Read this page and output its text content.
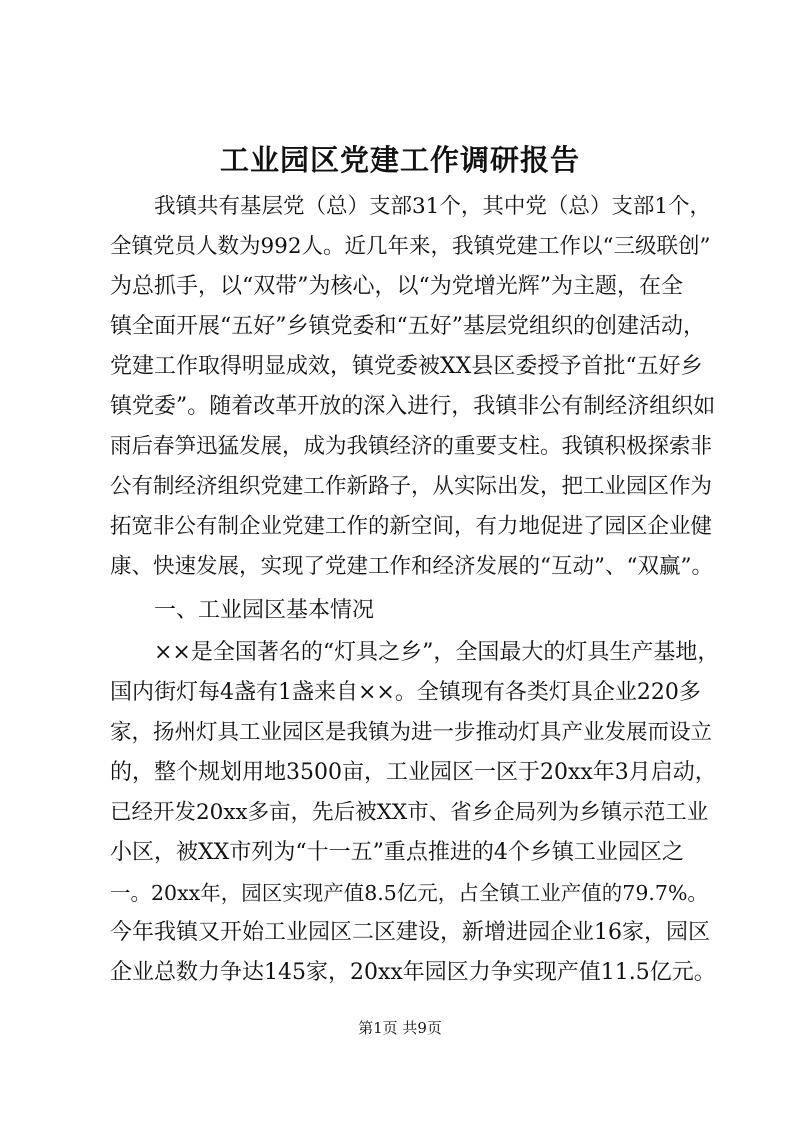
工业园区党建工作调研报告

我镇共有基层党（总）支部31个，其中党（总）支部1个，

全镇党员人数为992人。近几年来，我镇党建工作以“三级联创”

为总抓手，以“双带”为核心，以“为党增光辉”为主题，在全

镇全面开展“五好”乡镇党委和“五好”基层党组织的创建活动，

党建工作取得明显成效，镇党委被XX县区委授予首批“五好乡

镇党委”。随着改革开放的深入进行，我镇非公有制经济组织如

雨后春笋迅猛发展，成为我镇经济的重要支柱。我镇积极探索非

公有制经济组织党建工作新路子，从实际出发，把工业园区作为

拓宽非公有制企业党建工作的新空间，有力地促进了园区企业健

康、快速发展，实现了党建工作和经济发展的“互动”、“双赢”。

一、工业园区基本情况

××是全国著名的“灯具之乡”，全国最大的灯具生产基地，

国内街灯每4盏有1盏来自××。全镇现有各类灯具企业220多

家，扬州灯具工业园区是我镇为进一步推动灯具产业发展而设立

的，整个规划用地3500亩，工业园区一区于20xx年3月启动，

已经开发20xx多亩，先后被XX市、省乡企局列为乡镇示范工业

小区，被XX市列为“十一五”重点推进的4个乡镇工业园区之

一。20xx年，园区实现产值8.5亿元，占全镇工业产值的79.7%。

今年我镇又开始工业园区二区建设，新增进园企业16家，园区

企业总数力争达145家，20xx年园区力争实现产值11.5亿元。

第1页 共9页
